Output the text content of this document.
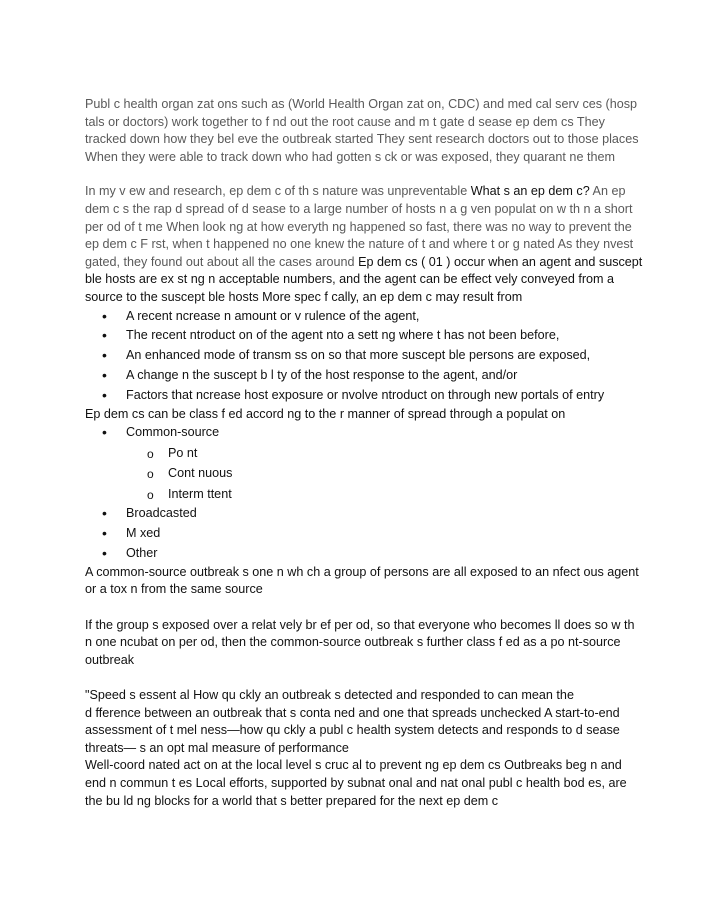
Publ c health organ zat ons such as (World Health Organ zat on, CDC) and med cal serv ces (hosp tals or doctors) work together to f nd out the root cause and m t gate d sease ep dem cs They tracked down how they bel eve the outbreak started They sent research doctors out to those places When they were able to track down who had gotten s ck or was exposed, they quarant ne them

In my v ew and research, ep dem c of th s nature was unpreventable What s an ep dem c? An ep dem c s the rap d spread of d sease to a large number of hosts n a g ven populat on w th n a short per od of t me When look ng at how everyth ng happened so fast, there was no way to prevent the ep dem c F rst, when t happened no one knew the nature of t and where t or g nated As they nvest gated, they found out about all the cases around Ep dem cs ( 01 ) occur when an agent and suscept ble hosts are ex st ng n acceptable numbers, and the agent can be effect vely conveyed from a source to the suscept ble hosts More spec f cally, an ep dem c may result from

• A recent ncrease n amount or v rulence of the agent,
• The recent ntroduct on of the agent nto a sett ng where t has not been before,
• An enhanced mode of transm ss on so that more suscept ble persons are exposed,
• A change n the suscept b l ty of the host response to the agent, and/or
• Factors that ncrease host exposure or nvolve ntroduct on through new portals of entry

Ep dem cs can be class f ed accord ng to the r manner of spread through a populat on

• Common-source
o Po nt
o Cont nuous
o Interm ttent
• Broadcasted
• M xed
• Other

A common-source outbreak s one n wh ch a group of persons are all exposed to an nfect ous agent or a tox n from the same source

If the group s exposed over a relat vely br ef per od, so that everyone who becomes ll does so w th n one ncubat on per od, then the common-source outbreak s further class f ed as a po nt-source outbreak

"Speed s essent al How qu ckly an outbreak s detected and responded to can mean the
d fference between an outbreak that s conta ned and one that spreads unchecked A start-to-end assessment of t mel ness—how qu ckly a publ c health system detects and responds to d sease threats— s an opt mal measure of performance

Well-coord nated act on at the local level s cruc al to prevent ng ep dem cs Outbreaks beg n and end n commun t es Local efforts, supported by subnat onal and nat onal publ c health bod es, are the bu ld ng blocks for a world that s better prepared for the next ep dem c
